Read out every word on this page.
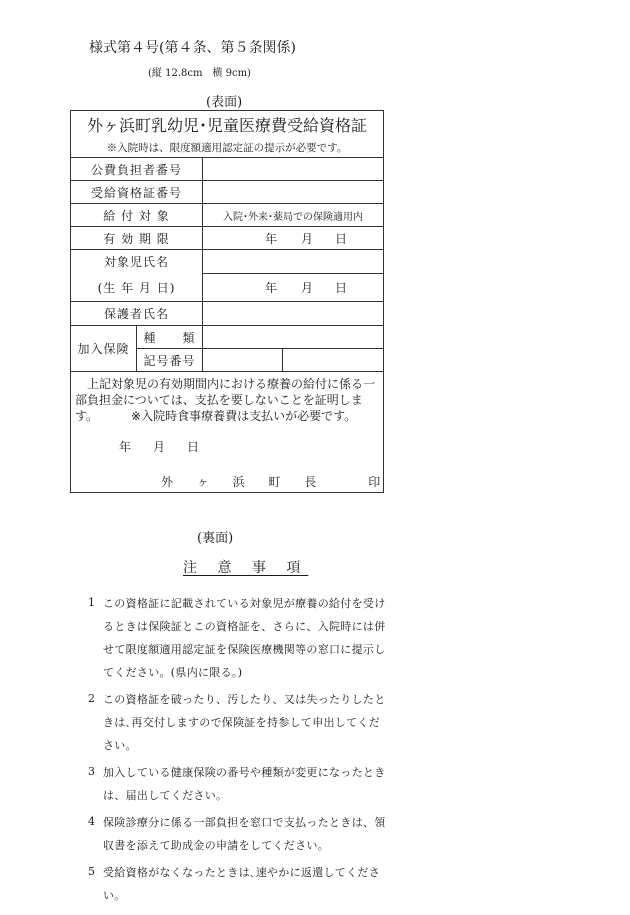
様式第４号(第４条、第５条関係)
(縦 12.8cm　横 9cm)
(表面)
外ヶ浜町乳幼児･児童医療費受給資格証			
※入院時は、限度額適用認定証の提示が必要です。			
公費負担者番号			
受給資格証番号			
給 付 対 象		入院･外来･薬局での保険適用内	
有 効 期 限		年 月 日	
対象児氏名			
(生 年 月 日)		年 月 日	
保護者氏名			
加入保険	種　　類		
	記号番号		

上記対象児の有効期間内における療養の給付に係る一部負担金については、支払を要しないことを証明します。 ※入院時食事療養費は支払いが必要です。
年 月 日
外 ヶ 浜 町 長 印			
(裏面)
注 意 事 項
1 この資格証に記載されている対象児が療養の給付を受けるときは保険証とこの資格証を、さらに、入院時には併せて限度額適用認定証を保険医療機関等の窓口に提示してください。(県内に限る。)
2 この資格証を破ったり、汚したり、又は失ったりしたときは､再交付しますので保険証を持参して申出してください。
3 加入している健康保険の番号や種類が変更になったときは、届出してください。
4 保険診療分に係る一部負担を窓口で支払ったときは、領収書を添えて助成金の申請をしてください。
5 受給資格がなくなったときは､速やかに返還してください。
